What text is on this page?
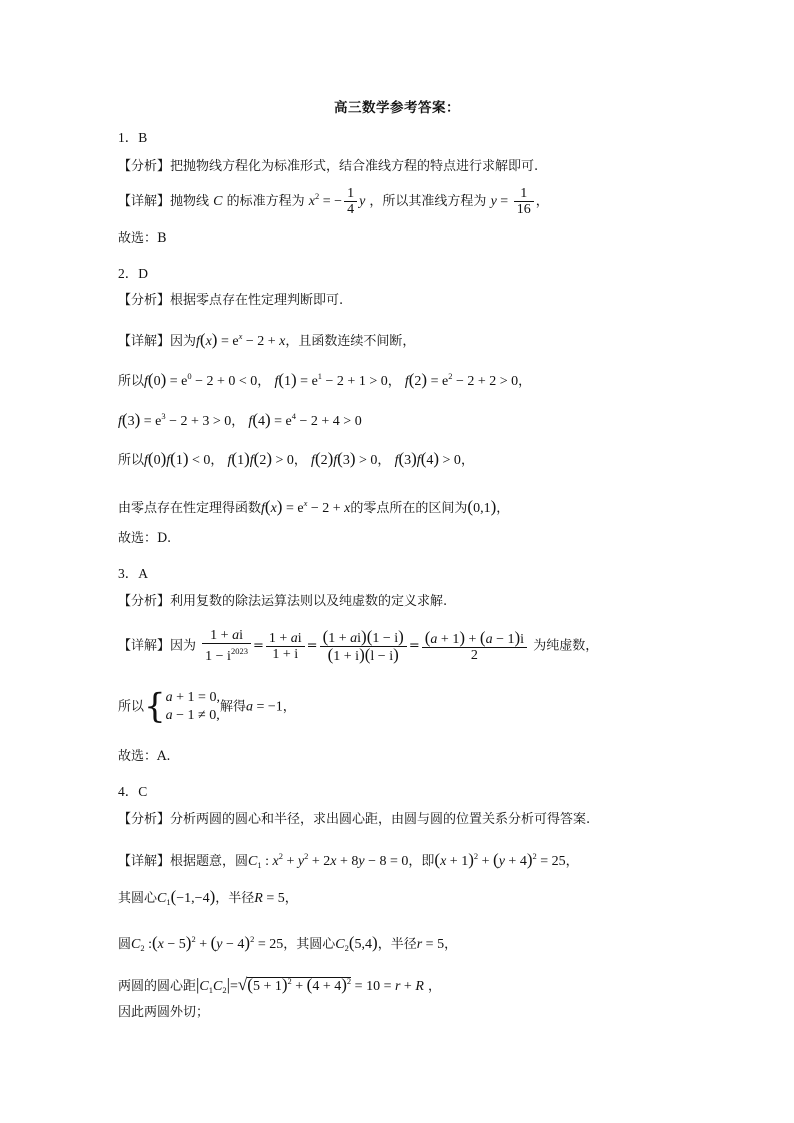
高三数学参考答案：
1．B
【分析】把抛物线方程化为标准形式，结合准线方程的特点进行求解即可.
【详解】抛物线 C 的标准方程为 $x^2$ = − $\frac{1}{4}$ y ，所以其准线方程为 $y = \frac{1}{16}$ ，
故选：B
2．D
【分析】根据零点存在性定理判断即可.
【详解】因为$f(x) = e^x - 2 + x$，且函数连续不间断，
所以$f(0) = e^0 - 2 + 0 < 0$， $f(1) = e^1 - 2 + 1 > 0$， $f(2) = e^2 - 2 + 2 > 0$，
$f(3) = e^3 - 2 + 3 > 0$， $f(4) = e^4 - 2 + 4 > 0$
所以f(0)f(1) < 0， f(1)f(2) > 0， f(2)f(3) > 0， f(3)f(4) > 0，
由零点存在性定理得函数$f(x) = e^x - 2 + x$的零点所在的区间为(0,1)，
故选：D.
3．A
【分析】利用复数的除法运算法则以及纯虚数的定义求解.
【详解】因为 $\frac{1 + ai}{1 - i^{2023}} = \frac{1 + ai}{1 + i} = \frac{(1 + ai)(1 - i)}{(1 + i)(l - i)} = \frac{(a + 1) + (a - 1)i}{2}$ 为纯虚数，
所以{a + 1 = 0,
a − 1 ≠ 0,解得a = −1，
故选：A.
4．C
【分析】分析两圆的圆心和半径，求出圆心距，由圆与圆的位置关系分析可得答案.
【详解】根据题意，圆$C_1$ : $x^2 + y^2 + 2x + 8y - 8 = 0$，即$(x + 1)^2 + (y + 4)^2 = 25$，
其圆心$C_1(-1,-4)$，半径R = 5，
圆$C_2$ :(x − $5)^2 + (y - 4)^2 = 25$，其圆心$C_2(5,4)$，半径r = 5，
两圆的圆心距$|C_1C_2|=√(5 + 1)^2 + (4 + 4)^2 = 10 = r + R$ ，
因此两圆外切；
